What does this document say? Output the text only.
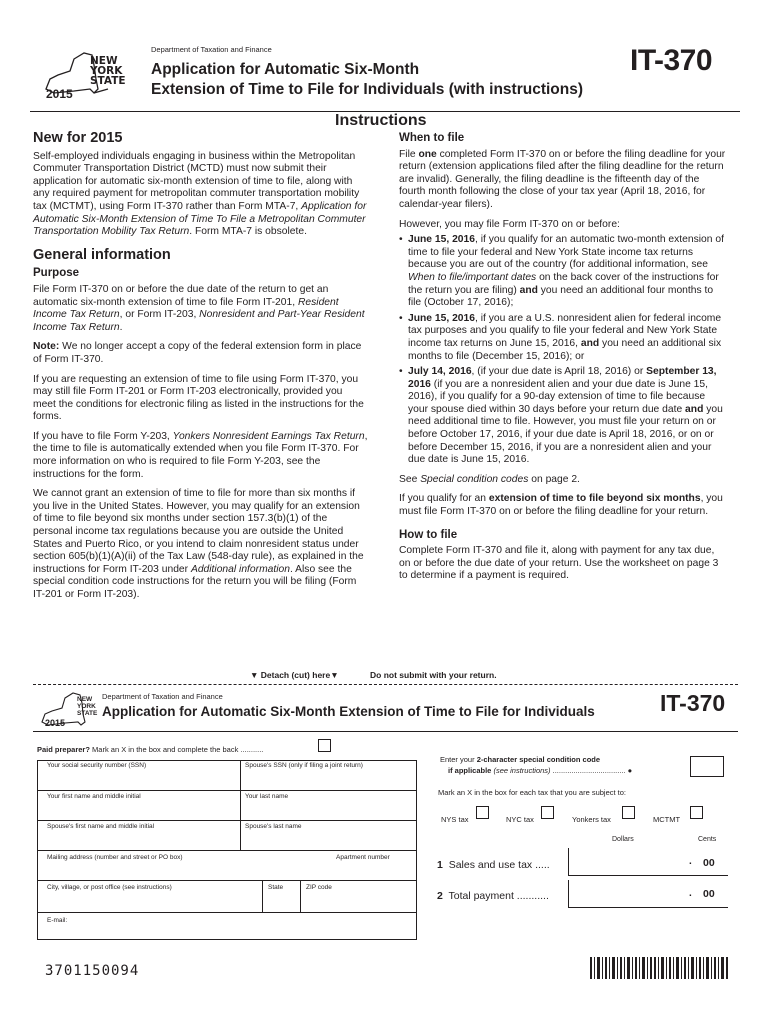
NEW
YORK
STATE
2015
Department of Taxation and Finance
Application for Automatic Six-Month
Extension of Time to File for Individuals (with instructions)
IT-370
Instructions
New for 2015

Self-employed individuals engaging in business within the Metropolitan Commuter Transportation District (MCTD) must now submit their application for automatic six-month extension of time to file, along with any required payment for metropolitan commuter transportation mobility tax (MCTMT), using Form IT-370 rather than Form MTA-7, Application for Automatic Six-Month Extension of Time To File a Metropolitan Commuter Transportation Mobility Tax Return. Form MTA-7 is obsolete.

General information
Purpose

File Form IT-370 on or before the due date of the return to get an automatic six-month extension of time to file Form IT-201, Resident Income Tax Return, or Form IT-203, Nonresident and Part-Year Resident Income Tax Return.

Note: We no longer accept a copy of the federal extension form in place of Form IT-370.

If you are requesting an extension of time to file using Form IT-370, you may still file Form IT-201 or Form IT-203 electronically, provided you meet the conditions for electronic filing as listed in the instructions for the forms.

If you have to file Form Y-203, Yonkers Nonresident Earnings Tax Return, the time to file is automatically extended when you file Form IT-370. For more information on who is required to file Form Y-203, see the instructions for the form.

We cannot grant an extension of time to file for more than six months if you live in the United States. However, you may qualify for an extension of time to file beyond six months under section 157.3(b)(1) of the personal income tax regulations because you are outside the United States and Puerto Rico, or you intend to claim nonresident status under section 605(b)(1)(A)(ii) of the Tax Law (548-day rule), as explained in the instructions for Form IT-203 under Additional information. Also see the special condition code instructions for the return you will be filing (Form IT-201 or Form IT-203).

When to file

File one completed Form IT-370 on or before the filing deadline for your return (extension applications filed after the filing deadline for the return are invalid). Generally, the filing deadline is the fifteenth day of the fourth month following the close of your tax year (April 18, 2016, for calendar-year filers).

However, you may file Form IT-370 on or before:

• June 15, 2016, if you qualify for an automatic two-month extension of time to file your federal and New York State income tax returns because you are out of the country (for additional information, see When to file/important dates on the back cover of the instructions for the return you are filing) and you need an additional four months to file (October 17, 2016);
• June 15, 2016, if you are a U.S. nonresident alien for federal income tax purposes and you qualify to file your federal and New York State income tax returns on June 15, 2016, and you need an additional six months to file (December 15, 2016); or
• July 14, 2016, (if your due date is April 18, 2016) or September 13, 2016 (if you are a nonresident alien and your due date is June 15, 2016), if you qualify for a 90-day extension of time to file because your spouse died within 30 days before your return due date and you need additional time to file. However, you must file your return on or before October 17, 2016, if your due date is April 18, 2016, or on or before December 15, 2016, if you are a nonresident alien and your due date is June 15, 2016.

See Special condition codes on page 2.

If you qualify for an extension of time to file beyond six months, you must file Form IT-370 on or before the filing deadline for your return.

How to file

Complete Form IT-370 and file it, along with payment for any tax due, on or before the due date of your return. Use the worksheet on page 3 to determine if a payment is required.

▼ Detach (cut) here▼	Do not submit with your return.
NEW
YORK
STATE
2015
Department of Taxation and Finance
Application for Automatic Six-Month Extension of Time to File for Individuals	IT-370
Paid preparer? Mark an X in the box and complete the back ...........
Your social security number (SSN)	Spouse's SSN (only if filing a joint return)
Your first name and middle initial	Your last name
Spouse's first name and middle initial	Spouse's last name
Mailing address (number and street or PO box)	Apartment number
City, village, or post office (see instructions)	State	ZIP code
E-mail:
Enter your 2-character special condition code
if applicable (see instructions) ................................... ●
Mark an X in the box for each tax that you are subject to:
NYS tax	NYC tax	Yonkers tax	MCTMT
Dollars	Cents
1 Sales and use tax .....	. 00
2 Total payment ...........	. 00
3701150094
